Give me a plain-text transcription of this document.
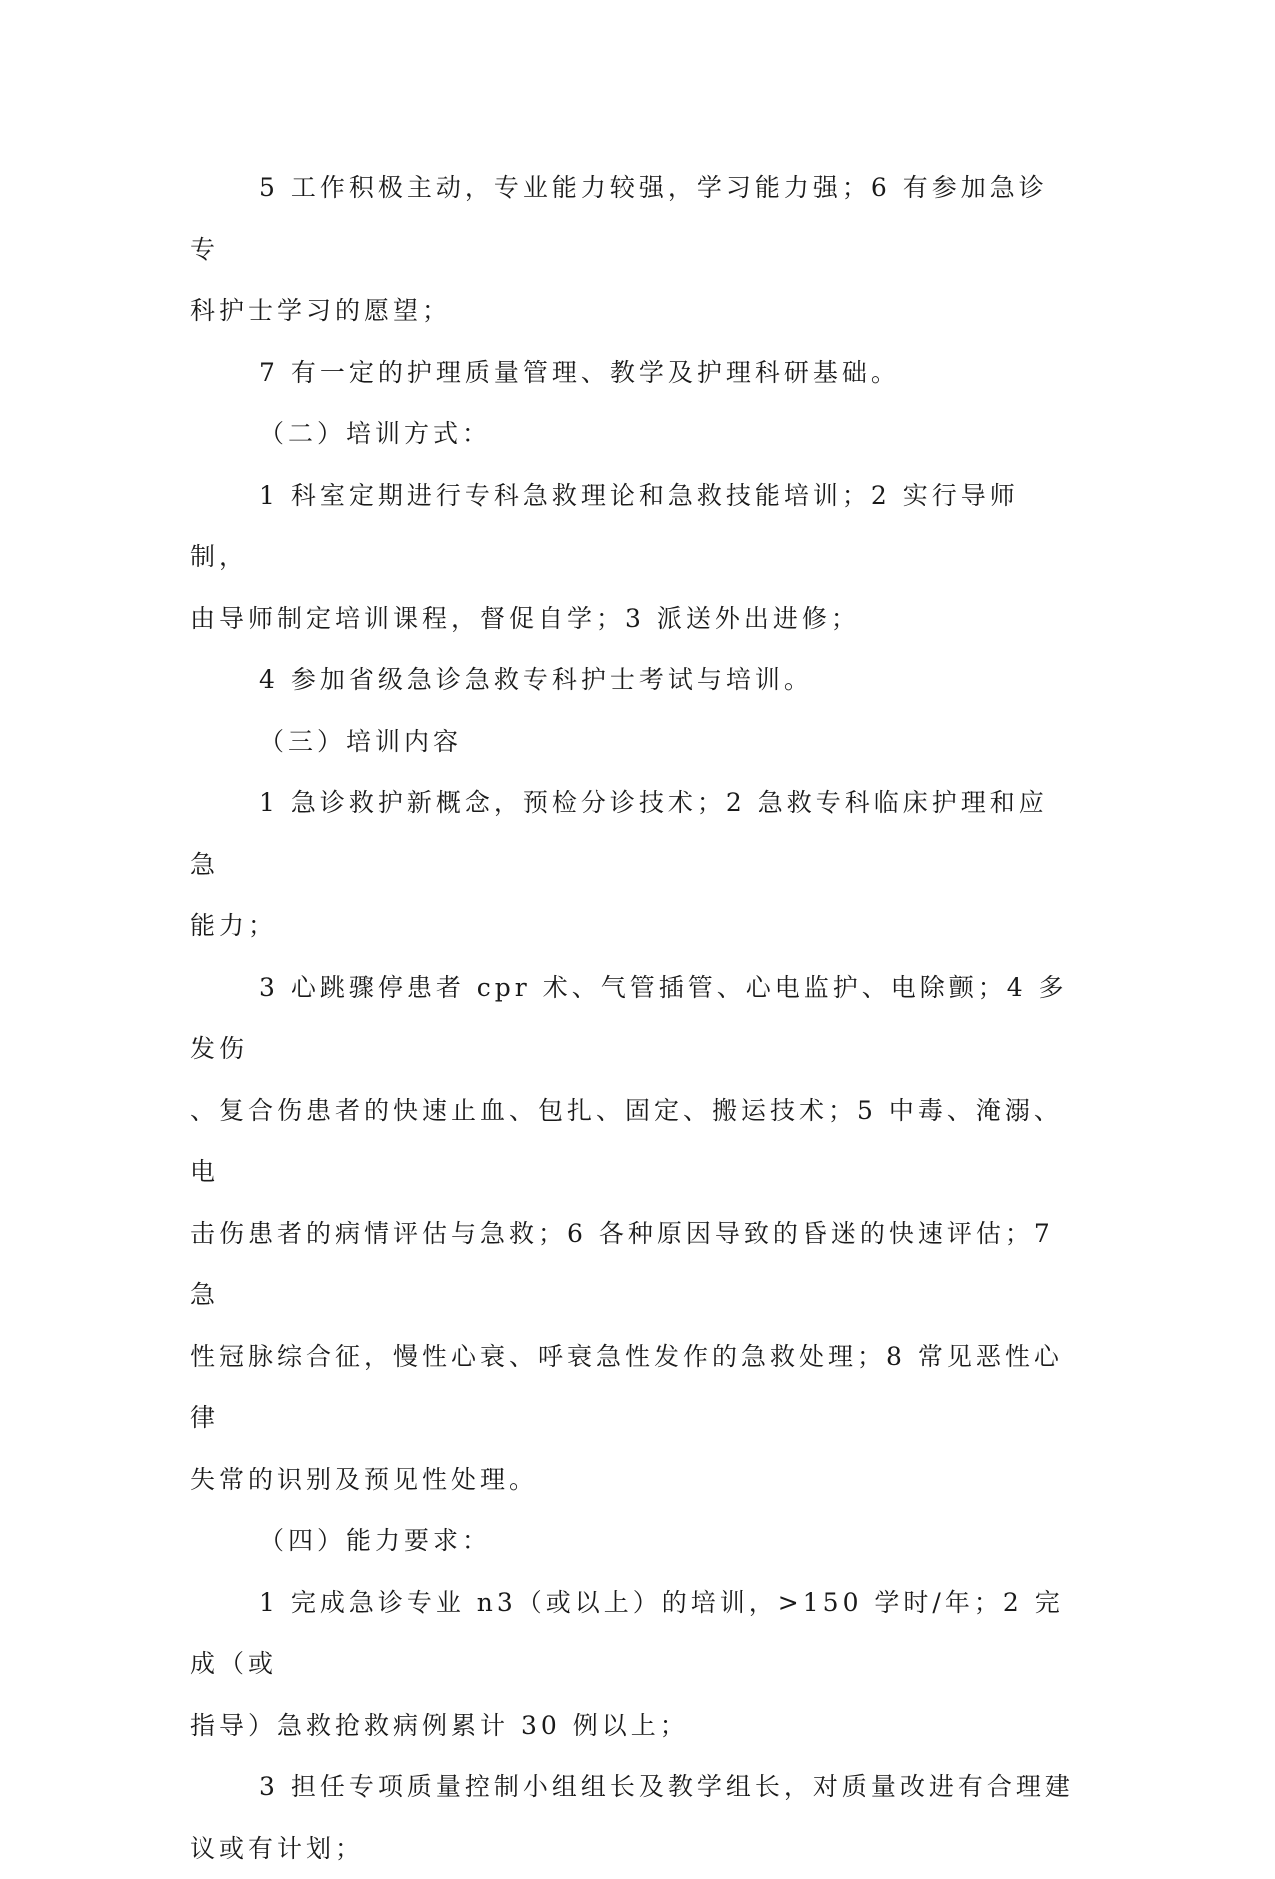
5 工作积极主动，专业能力较强，学习能力强；6 有参加急诊专
科护士学习的愿望；

7 有一定的护理质量管理、教学及护理科研基础。

（二）培训方式：

1 科室定期进行专科急救理论和急救技能培训；2 实行导师制，
由导师制定培训课程，督促自学；3 派送外出进修；

4 参加省级急诊急救专科护士考试与培训。

（三）培训内容

1 急诊救护新概念，预检分诊技术；2 急救专科临床护理和应急
能力；

3 心跳骤停患者 cpr 术、气管插管、心电监护、电除颤；4 多发伤
、复合伤患者的快速止血、包扎、固定、搬运技术；5 中毒、淹溺、电
击伤患者的病情评估与急救；6 各种原因导致的昏迷的快速评估；7 急
性冠脉综合征，慢性心衰、呼衰急性发作的急救处理；8 常见恶性心律
失常的识别及预见性处理。

（四）能力要求：

1 完成急诊专业 n3（或以上）的培训，>150 学时/年；2 完成（或
指导）急救抢救病例累计 30 例以上；

3 担任专项质量控制小组组长及教学组长，对质量改进有合理建
议或有计划；
